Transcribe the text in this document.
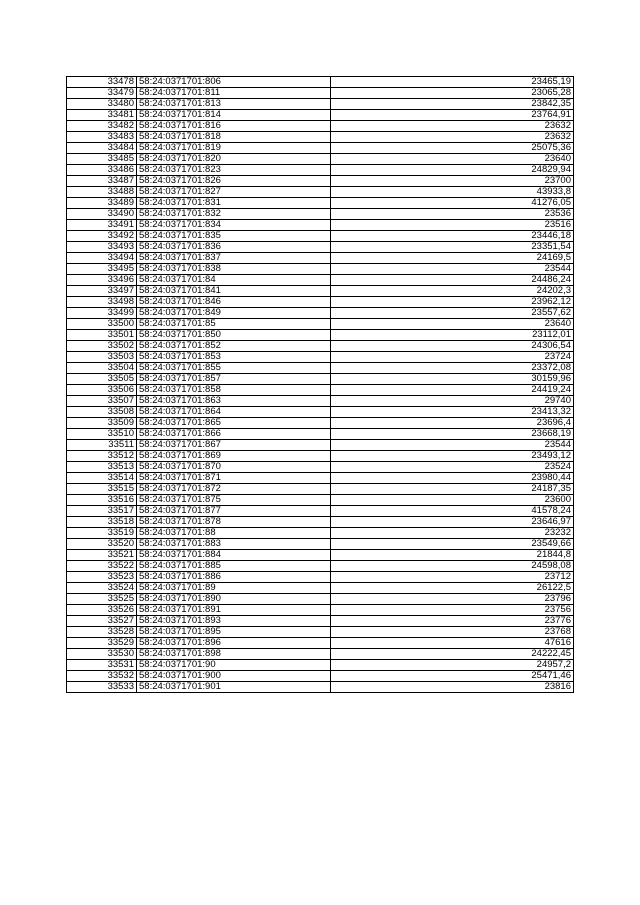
33478	58:24:0371701:806	23465,19
33479	58:24:0371701:811	23065,28
33480	58:24:0371701:813	23842,35
33481	58:24:0371701:814	23764,91
33482	58:24:0371701:816	23632
33483	58:24:0371701:818	23632
33484	58:24:0371701:819	25075,36
33485	58:24:0371701:820	23640
33486	58:24:0371701:823	24829,94
33487	58:24:0371701:826	23700
33488	58:24:0371701:827	43933,8
33489	58:24:0371701:831	41276,05
33490	58:24:0371701:832	23536
33491	58:24:0371701:834	23516
33492	58:24:0371701:835	23446,18
33493	58:24:0371701:836	23351,54
33494	58:24:0371701:837	24169,5
33495	58:24:0371701:838	23544
33496	58:24:0371701:84	24486,24
33497	58:24:0371701:841	24202,3
33498	58:24:0371701:846	23962,12
33499	58:24:0371701:849	23557,62
33500	58:24:0371701:85	23640
33501	58:24:0371701:850	23112,01
33502	58:24:0371701:852	24306,54
33503	58:24:0371701:853	23724
33504	58:24:0371701:855	23372,08
33505	58:24:0371701:857	30159,96
33506	58:24:0371701:858	24419,24
33507	58:24:0371701:863	29740
33508	58:24:0371701:864	23413,32
33509	58:24:0371701:865	23696,4
33510	58:24:0371701:866	23668,19
33511	58:24:0371701:867	23544
33512	58:24:0371701:869	23493,12
33513	58:24:0371701:870	23524
33514	58:24:0371701:871	23980,44
33515	58:24:0371701:872	24187,35
33516	58:24:0371701:875	23600
33517	58:24:0371701:877	41578,24
33518	58:24:0371701:878	23646,97
33519	58:24:0371701:88	23232
33520	58:24:0371701:883	23549,66
33521	58:24:0371701:884	21844,8
33522	58:24:0371701:885	24598,08
33523	58:24:0371701:886	23712
33524	58:24:0371701:89	26122,5
33525	58:24:0371701:890	23796
33526	58:24:0371701:891	23756
33527	58:24:0371701:893	23776
33528	58:24:0371701:895	23768
33529	58:24:0371701:896	47616
33530	58:24:0371701:898	24222,45
33531	58:24:0371701:90	24957,2
33532	58:24:0371701:900	25471,46
33533	58:24:0371701:901	23816
